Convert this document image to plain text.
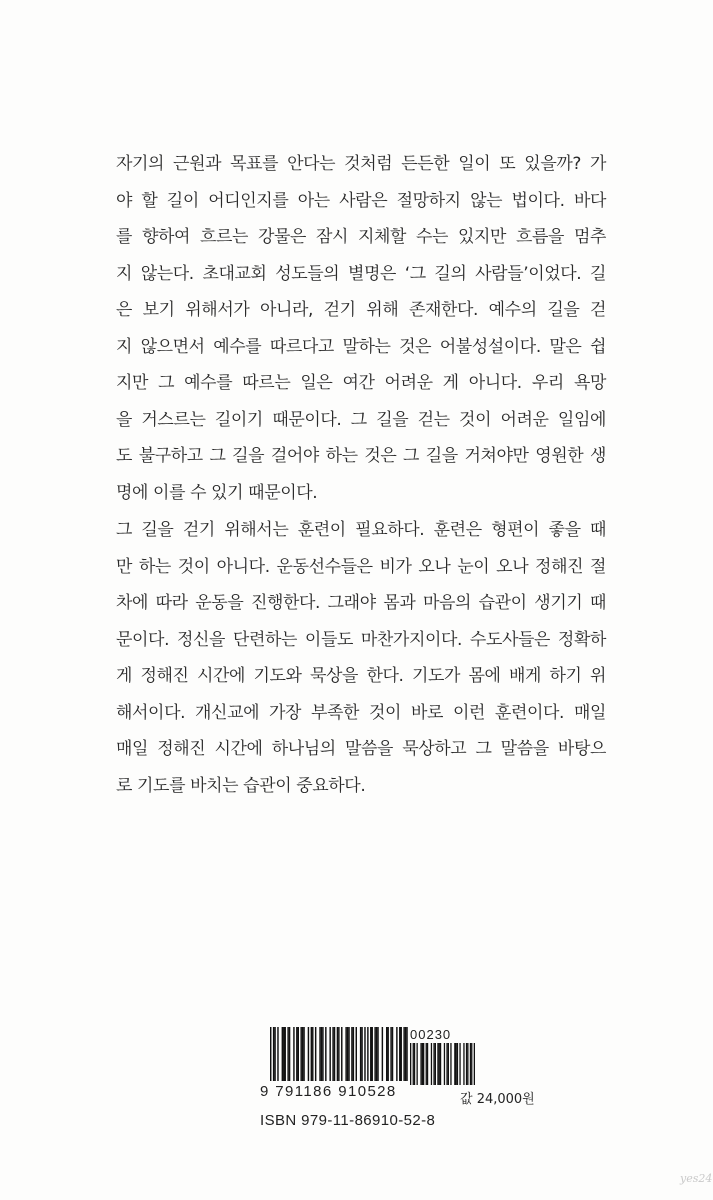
자기의 근원과 목표를 안다는 것처럼 든든한 일이 또 있을까? 가
야 할 길이 어디인지를 아는 사람은 절망하지 않는 법이다. 바다
를 향하여 흐르는 강물은 잠시 지체할 수는 있지만 흐름을 멈추
지 않는다. 초대교회 성도들의 별명은 ‘그 길의 사람들’이었다. 길
은 보기 위해서가 아니라, 걷기 위해 존재한다. 예수의 길을 걷
지 않으면서 예수를 따르다고 말하는 것은 어불성설이다. 말은 쉽
지만 그 예수를 따르는 일은 여간 어려운 게 아니다. 우리 욕망
을 거스르는 길이기 때문이다. 그 길을 걷는 것이 어려운 일임에
도 불구하고 그 길을 걸어야 하는 것은 그 길을 거쳐야만 영원한 생
명에 이를 수 있기 때문이다.
그 길을 걷기 위해서는 훈련이 필요하다. 훈련은 형편이 좋을 때
만 하는 것이 아니다. 운동선수들은 비가 오나 눈이 오나 정해진 절
차에 따라 운동을 진행한다. 그래야 몸과 마음의 습관이 생기기 때
문이다. 정신을 단련하는 이들도 마찬가지이다. 수도사들은 정확하
게 정해진 시간에 기도와 묵상을 한다. 기도가 몸에 배게 하기 위
해서이다. 개신교에 가장 부족한 것이 바로 이런 훈련이다. 매일
매일 정해진 시간에 하나님의 말씀을 묵상하고 그 말씀을 바탕으
로 기도를 바치는 습관이 중요하다.
00230
9 791186 910528
ISBN 979-11-86910-52-8
값 24,000원
yes24
